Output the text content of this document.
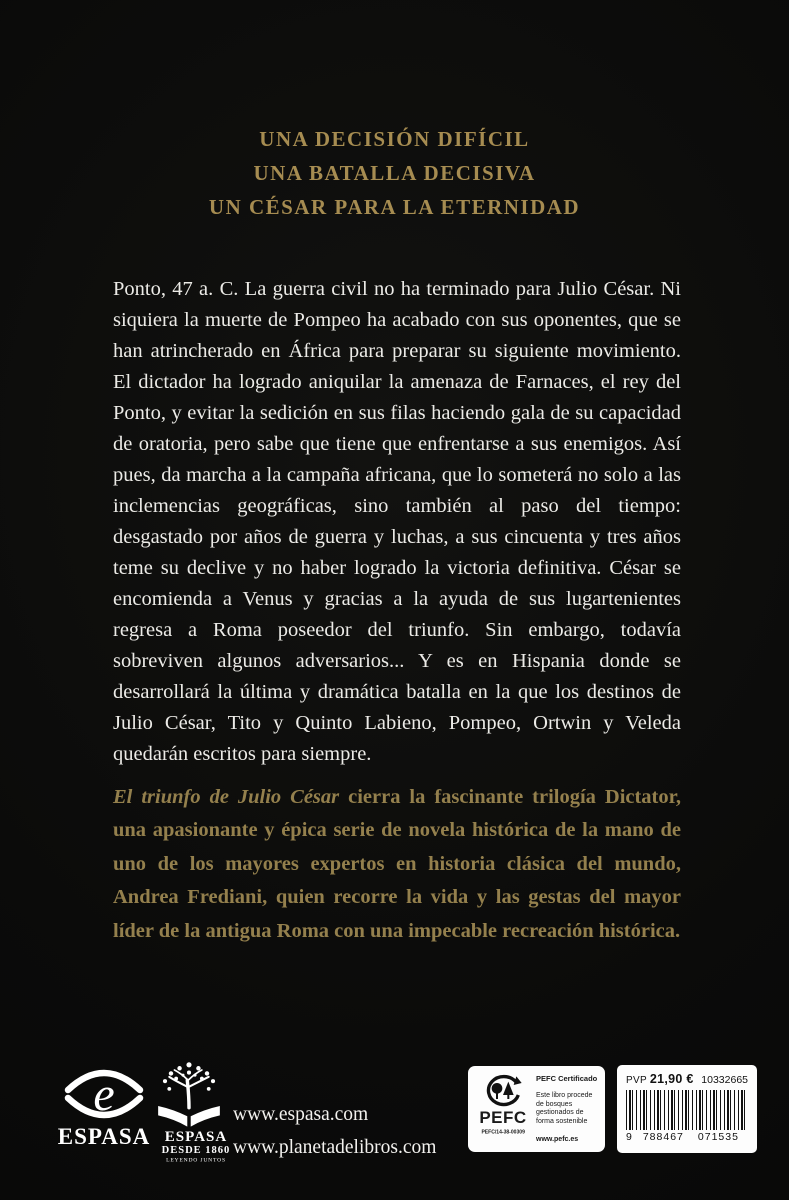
UNA DECISIÓN DIFÍCIL
UNA BATALLA DECISIVA
UN CÉSAR PARA LA ETERNIDAD

Ponto, 47 a. C. La guerra civil no ha terminado para Julio César. Ni siquiera la muerte de Pompeo ha acabado con sus oponentes, que se han atrincherado en África para preparar su siguiente movimiento. El dictador ha logrado aniquilar la amenaza de Farnaces, el rey del Ponto, y evitar la sedición en sus filas haciendo gala de su capacidad de oratoria, pero sabe que tiene que enfrentarse a sus enemigos. Así pues, da marcha a la campaña africana, que lo someterá no solo a las inclemencias geográficas, sino también al paso del tiempo: desgastado por años de guerra y luchas, a sus cincuenta y tres años teme su declive y no haber logrado la victoria definitiva. César se encomienda a Venus y gracias a la ayuda de sus lugartenientes regresa a Roma poseedor del triunfo. Sin embargo, todavía sobreviven algunos adversarios... Y es en Hispania donde se desarrollará la última y dramática batalla en la que los destinos de Julio César, Tito y Quinto Labieno, Pompeo, Ortwin y Veleda quedarán escritos para siempre.

El triunfo de Julio César cierra la fascinante trilogía Dictator, una apasionante y épica serie de novela histórica de la mano de uno de los mayores expertos en historia clásica del mundo, Andrea Frediani, quien recorre la vida y las gestas del mayor líder de la antigua Roma con una impecable recreación histórica.

e
ESPASA ESPASA
DESDE 1860
LEYENDO JUNTOS
www.espasa.com
www.planetadelibros.com
PEFC
PEFC/14-38-00309
PEFC Certificado
Este libro procede de bosques gestionados de forma sostenible
www.pefc.es
PVP 21,90 € 10332665
9 788467 071535
